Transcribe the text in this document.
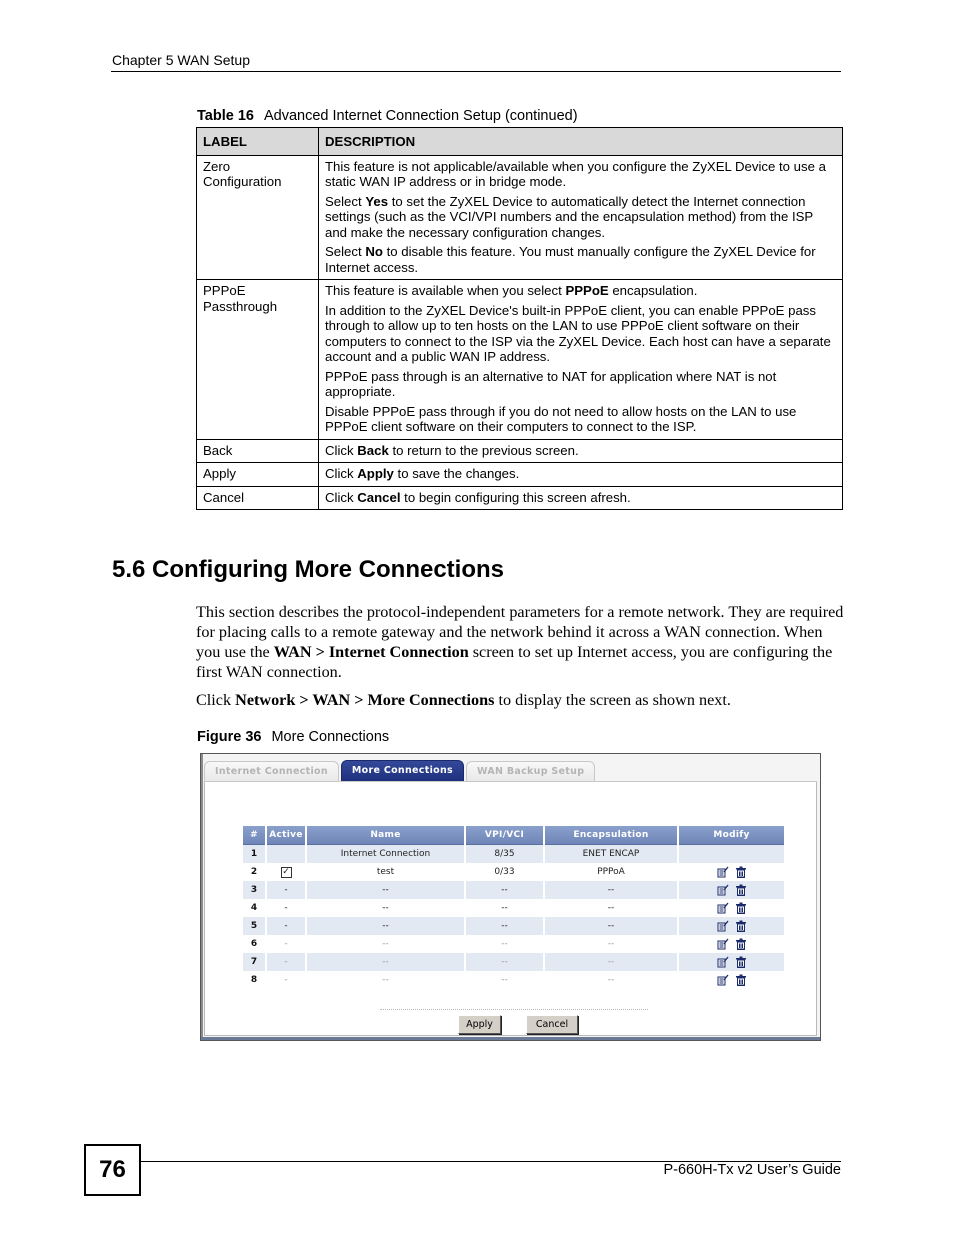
Chapter 5 WAN Setup
Table 16 Advanced Internet Connection Setup (continued)
LABEL	DESCRIPTION
Zero Configuration	This feature is not applicable/available when you configure the ZyXEL Device to use a static WAN IP address or in bridge mode.

Select Yes to set the ZyXEL Device to automatically detect the Internet connection settings (such as the VCI/VPI numbers and the encapsulation method) from the ISP and make the necessary configuration changes.

Select No to disable this feature. You must manually configure the ZyXEL Device for Internet access.

PPPoE Passthrough	This feature is available when you select PPPoE encapsulation.

In addition to the ZyXEL Device's built-in PPPoE client, you can enable PPPoE pass through to allow up to ten hosts on the LAN to use PPPoE client software on their computers to connect to the ISP via the ZyXEL Device. Each host can have a separate account and a public WAN IP address.

PPPoE pass through is an alternative to NAT for application where NAT is not appropriate.

Disable PPPoE pass through if you do not need to allow hosts on the LAN to use PPPoE client software on their computers to connect to the ISP.

Back	Click Back to return to the previous screen.

Apply	Click Apply to save the changes.

Cancel	Click Cancel to begin configuring this screen afresh.

5.6 Configuring More Connections
This section describes the protocol-independent parameters for a remote network. They are required for placing calls to a remote gateway and the network behind it across a WAN connection. When you use the WAN > Internet Connection screen to set up Internet access, you are configuring the first WAN connection.
Click Network > WAN > More Connections to display the screen as shown next.
Figure 36 More Connections
Internet Connection	More Connections	WAN Backup Setup
#	Active	Name	VPI/VCI	Encapsulation	Modify
1		Internet Connection	8/35	ENET ENCAP	
2	✓	test	0/33	PPPoA	
3	-	--	--	--	
4	-	--	--	--	
5	-	--	--	--	
6	-	--	--	--	
7	-	--	--	--	
8	-	--	--	--	
Apply	Cancel
76	P-660H-Tx v2 User’s Guide
